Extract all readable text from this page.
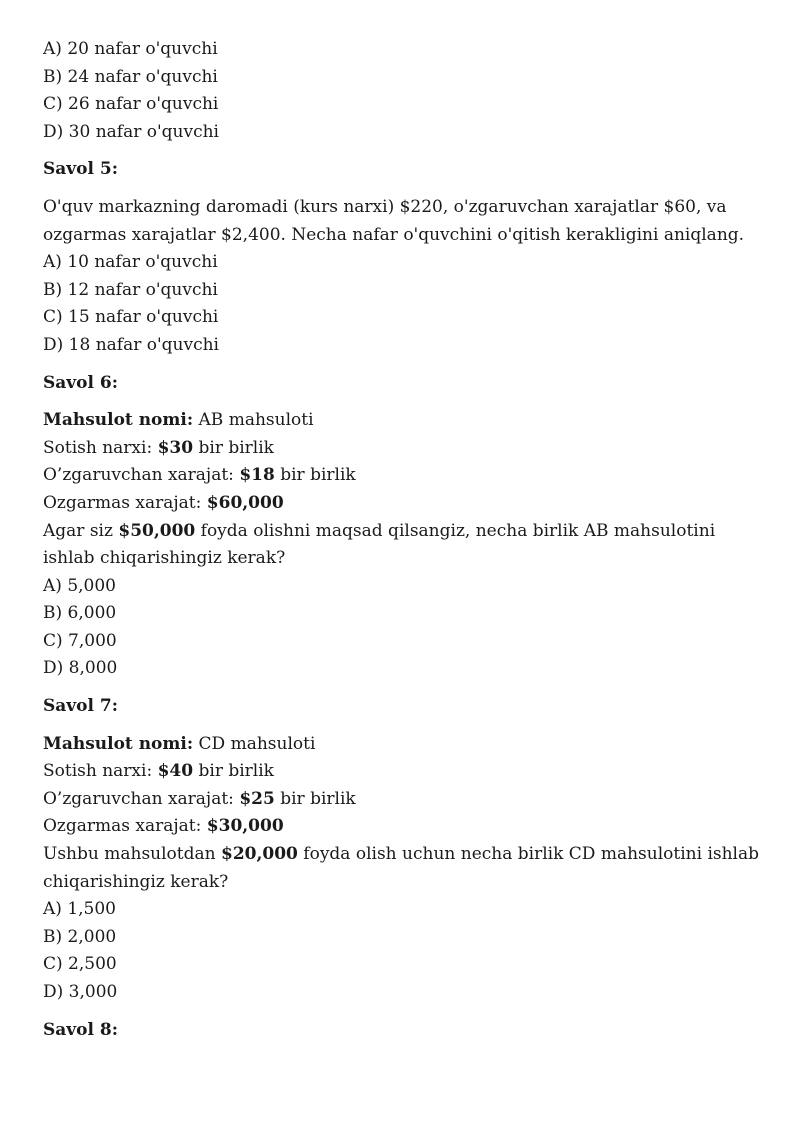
A) 20 nafar o'quvchi

B) 24 nafar o'quvchi

C) 26 nafar o'quvchi

D) 30 nafar o'quvchi

Savol 5:

O'quv markazning daromadi (kurs narxi) $220, o'zgaruvchan xarajatlar $60, va ozgarmas xarajatlar $2,400. Necha nafar o'quvchini o'qitish kerakligini aniqlang.

A) 10 nafar o'quvchi

B) 12 nafar o'quvchi

C) 15 nafar o'quvchi

D) 18 nafar o'quvchi

Savol 6:

Mahsulot nomi: AB mahsuloti

Sotish narxi: $30 bir birlik

O’zgaruvchan xarajat: $18 bir birlik

Ozgarmas xarajat: $60,000

Agar siz $50,000 foyda olishni maqsad qilsangiz, necha birlik AB mahsulotini ishlab chiqarishingiz kerak?

A) 5,000

B) 6,000

C) 7,000

D) 8,000

Savol 7:

Mahsulot nomi: CD mahsuloti

Sotish narxi: $40 bir birlik

O’zgaruvchan xarajat: $25 bir birlik

Ozgarmas xarajat: $30,000

Ushbu mahsulotdan $20,000 foyda olish uchun necha birlik CD mahsulotini ishlab chiqarishingiz kerak?

A) 1,500

B) 2,000

C) 2,500

D) 3,000

Savol 8:
